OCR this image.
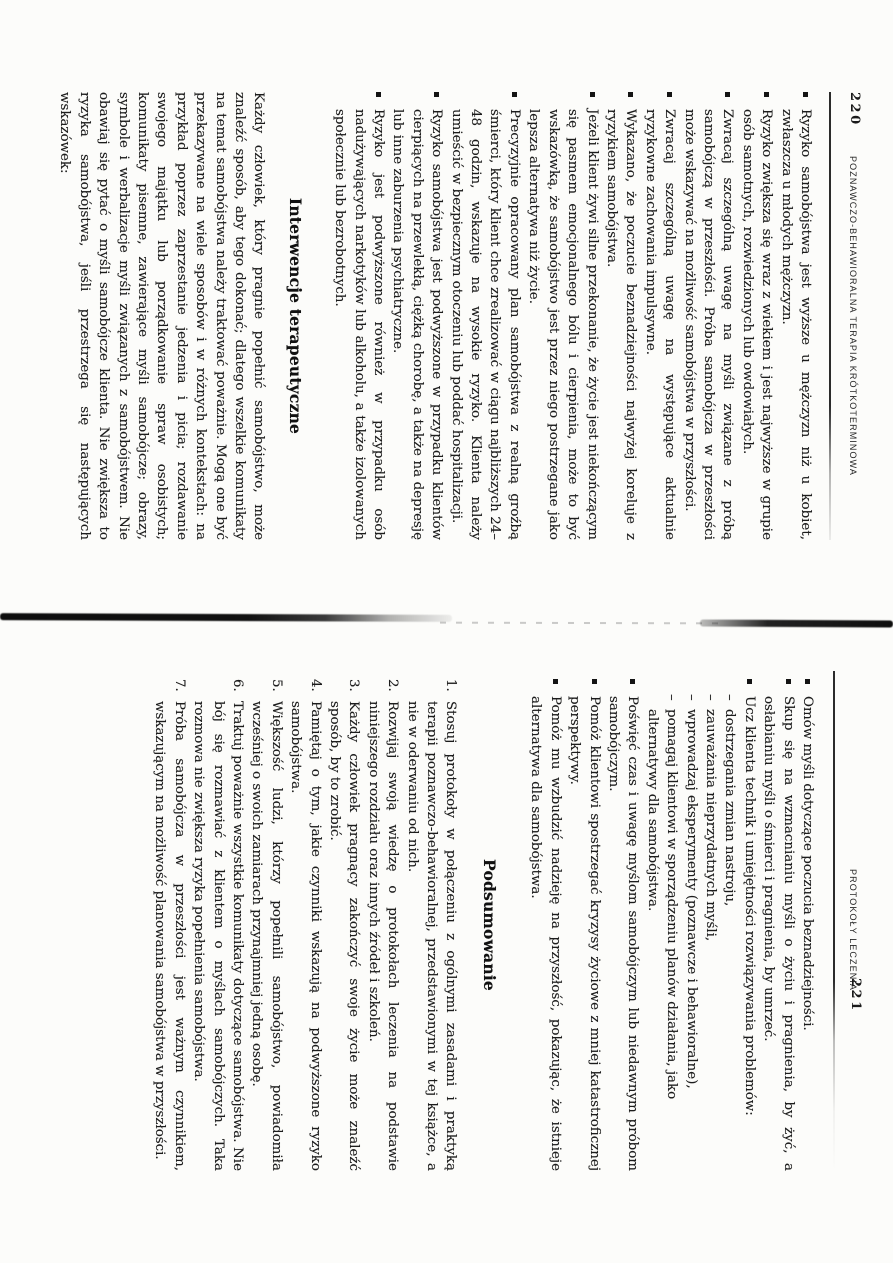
220
POZNAWCZO-BEHAWIORALNA TERAPIA KRÓTKOTERMINOWA
Ryzyko samobójstwa jest wyższe u mężczyzn niż u kobiet, zwłaszcza u młodych mężczyzn.
Ryzyko zwiększa się wraz z wiekiem i jest najwyższe w grupie osób samotnych, rozwiedzionych lub owdowiałych.
Zwracaj szczególną uwagę na myśli związane z próbą samobójczą w przeszłości. Próba samobójcza w przeszłości może wskazywać na możliwość samobójstwa w przyszłości.
Zwracaj szczególną uwagę na występujące aktualnie ryzykowne zachowania impulsywne.
Wykazano, że poczucie beznadziejności najwyżej koreluje z ryzykiem samobójstwa.
Jeżeli klient żywi silne przekonanie, że życie jest niekończącym się pasmem emocjonalnego bólu i cierpienia, może to być wskazówką, że samobójstwo jest przez niego postrzegane jako lepsza alternatywa niż życie.
Precyzyjnie opracowany plan samobójstwa z realną groźbą śmierci, który klient chce zrealizować w ciągu najbliższych 24–48 godzin, wskazuje na wysokie ryzyko. Klienta należy umieścić w bezpiecznym otoczeniu lub poddać hospitalizacji.
Ryzyko samobójstwa jest podwyższone w przypadku klientów cierpiących na przewlekłą, ciężką chorobę, a także na depresję lub inne zaburzenia psychiatryczne.
Ryzyko jest podwyższone również w przypadku osób nadużywających narkotyków lub alkoholu, a także izolowanych społecznie lub bezrobotnych.
Interwencje terapeutyczne
Każdy człowiek, który pragnie popełnić samobójstwo, może znaleźć sposób, aby tego dokonać; dlatego wszelkie komunikaty na temat samobójstwa należy traktować poważnie. Mogą one być przekazywane na wiele sposobów i w różnych kontekstach: na przykład poprzez zaprzestanie jedzenia i picia; rozdawanie swojego majątku lub porządkowanie spraw osobistych; komunikaty pisemne, zawierające myśli samobójcze; obrazy, symbole i werbalizacje myśli związanych z samobójstwem. Nie obawiaj się pytać o myśli samobójcze klienta. Nie zwiększa to ryzyka samobójstwa, jeśli przestrzega się następujących wskazówek:
PROTOKOŁY LECZENIA
221
Omów myśli dotyczące poczucia beznadziejności.
Skup się na wzmacnianiu myśli o życiu i pragnienia, by żyć, a osłabianiu myśli o śmierci i pragnienia, by umrzeć.
Ucz klienta technik i umiejętności rozwiązywania problemów:
–
dostrzegania zmian nastroju,
–
zauważania nieprzydatnych myśli,
–
wprowadzaj eksperymenty (poznawcze i behawioralne),
–
pomagaj klientowi w sporządzeniu planów działania, jako alternatywy dla samobójstwa.
Poświęć czas i uwagę myślom samobójczym lub niedawnym próbom samobójczym.
Pomóż klientowi spostrzegać kryzysy życiowe z mniej katastroficznej perspektywy.
Pomóż mu wzbudzić nadzieję na przyszłość, pokazując, że istnieje alternatywa dla samobójstwa.
Podsumowanie
1.
Stosuj protokoły w połączeniu z ogólnymi zasadami i praktyką terapii poznawczo-behawioralnej, przedstawionymi w tej książce, a nie w oderwaniu od nich.
2.
Rozwijaj swoją wiedzę o protokołach leczenia na podstawie niniejszego rozdziału oraz innych źródeł i szkoleń.
3.
Każdy człowiek pragnący zakończyć swoje życie może znaleźć sposób, by to zrobić.
4.
Pamiętaj o tym, jakie czynniki wskazują na podwyższone ryzyko samobójstwa.
5.
Większość ludzi, którzy popełnili samobójstwo, powiadomiła wcześniej o swoich zamiarach przynajmniej jedną osobę.
6.
Traktuj poważnie wszystkie komunikaty dotyczące samobójstwa. Nie bój się rozmawiać z klientem o myślach samobójczych. Taka rozmowa nie zwiększa ryzyka popełnienia samobójstwa.
7.
Próba samobójcza w przeszłości jest ważnym czynnikiem, wskazującym na możliwość planowania samobójstwa w przyszłości.
